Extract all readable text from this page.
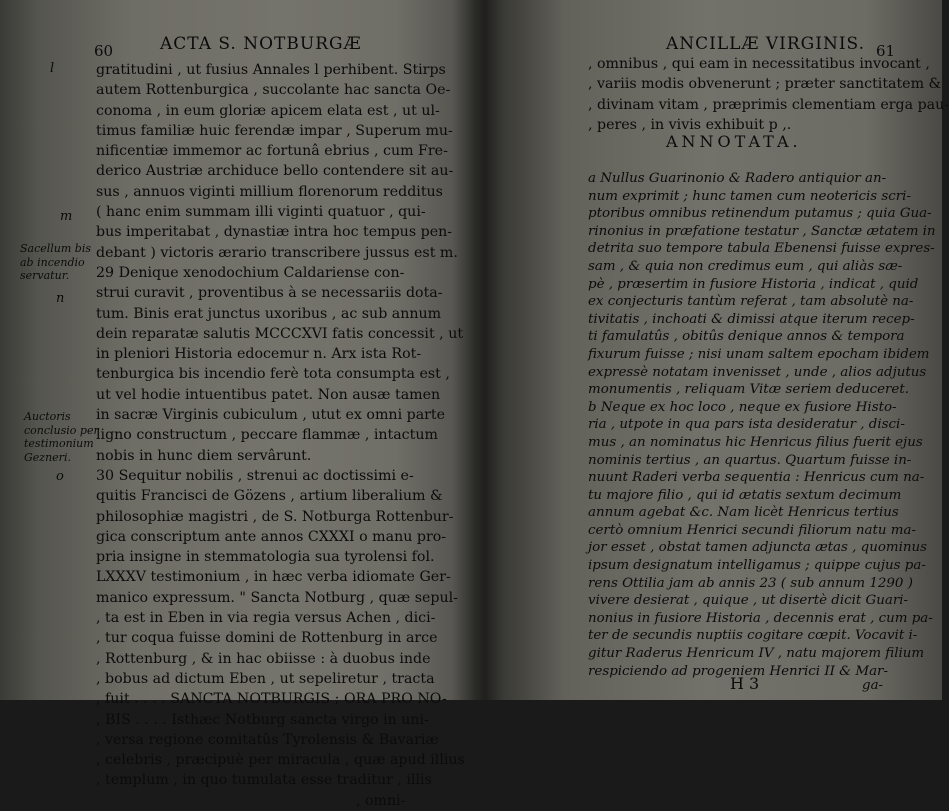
60	ACTA S. NOTBURGÆ
l
m
Sacellum bis
ab incendio
servatur.
n
Auctoris
conclusio per
testimonium
Gezneri.
o
gratitudini , ut fusius Annales l perhibent. Stirps
autem Rottenburgica , succolante hac sancta Oe-
conoma , in eum gloriæ apicem elata est , ut ul-
timus familiæ huic ferendæ impar , Superum mu-
nificentiæ immemor ac fortunâ ebrius , cum Fre-
derico Austriæ archiduce bello contendere sit au-
sus , annuos viginti millium florenorum redditus
( hanc enim summam illi viginti quatuor , qui-
bus imperitabat , dynastiæ intra hoc tempus pen-
debant ) victoris ærario transcribere jussus est m.
29 Denique xenodochium Caldariense con-
strui curavit , proventibus à se necessariis dota-
tum. Binis erat junctus uxoribus , ac sub annum
dein reparatæ salutis MCCCXVI fatis concessit , ut
in pleniori Historia edocemur n. Arx ista Rot-
tenburgica bis incendio ferè tota consumpta est ,
ut vel hodie intuentibus patet. Non ausæ tamen
in sacræ Virginis cubiculum , utut ex omni parte
ligno constructum , peccare flammæ , intactum
nobis in hunc diem servârunt.
30 Sequitur nobilis , strenui ac doctissimi e-
quitis Francisci de Gözens , artium liberalium &
philosophiæ magistri , de S. Notburga Rottenbur-
gica conscriptum ante annos CXXXI o manu pro-
pria insigne in stemmatologia sua tyrolensi fol.
LXXXV testimonium , in hæc verba idiomate Ger-
manico expressum. " Sancta Notburg , quæ sepul-
, ta est in Eben in via regia versus Achen , dici-
, tur coqua fuisse domini de Rottenburg in arce
, Rottenburg , & in hac obiisse : à duobus inde
, bobus ad dictum Eben , ut sepeliretur , tracta
, fuit . . . . SANCTA NOTBURGIS ; ORA PRO NO-
, BIS . . . . Isthæc Notburg sancta virgo in uni-
, versa regione comitatûs Tyrolensis & Bavariæ
, celebris , præcipuè per miracula , quæ apud illius
, templum , in quo tumulata esse traditur , illis
, omni-
ANCILLÆ VIRGINIS. 61
, omnibus , qui eam in necessitatibus invocant ,
, variis modis obvenerunt ; præter sanctitatem &
, divinam vitam , præprimis clementiam erga pau-
, peres , in vivis exhibuit p ,.
ANNOTATA.
a Nullus Guarinonio & Radero antiquior an-
num exprimit ; hunc tamen cum neotericis scri-
ptoribus omnibus retinendum putamus ; quia Gua-
rinonius in præfatione testatur , Sanctæ ætatem in
detrita suo tempore tabula Ebenensi fuisse expres-
sam , & quia non credimus eum , qui aliàs sæ-
pè , præsertim in fusiore Historia , indicat , quid
ex conjecturis tantùm referat , tam absolutè na-
tivitatis , inchoati & dimissi atque iterum recep-
ti famulatûs , obitûs denique annos & tempora
fixurum fuisse ; nisi unam saltem epocham ibidem
expressè notatam invenisset , unde , alios adjutus
monumentis , reliquam Vitæ seriem deduceret.
b Neque ex hoc loco , neque ex fusiore Histo-
ria , utpote in qua pars ista desideratur , disci-
mus , an nominatus hic Henricus filius fuerit ejus
nominis tertius , an quartus. Quartum fuisse in-
nuunt Raderi verba sequentia : Henricus cum na-
tu majore filio , qui id ætatis sextum decimum
annum agebat &c. Nam licèt Henricus tertius
certò omnium Henrici secundi filiorum natu ma-
jor esset , obstat tamen adjuncta ætas , quominus
ipsum designatum intelligamus ; quippe cujus pa-
rens Ottilia jam ab annis 23 ( sub annum 1290 )
vivere desierat , quique , ut disertè dicit Guari-
nonius in fusiore Historia , decennis erat , cum pa-
ter de secundis nuptiis cogitare cœpit. Vocavit i-
gitur Raderus Henricum IV , natu majorem filium
respiciendo ad progeniem Henrici II & Mar-
H 3	ga-
